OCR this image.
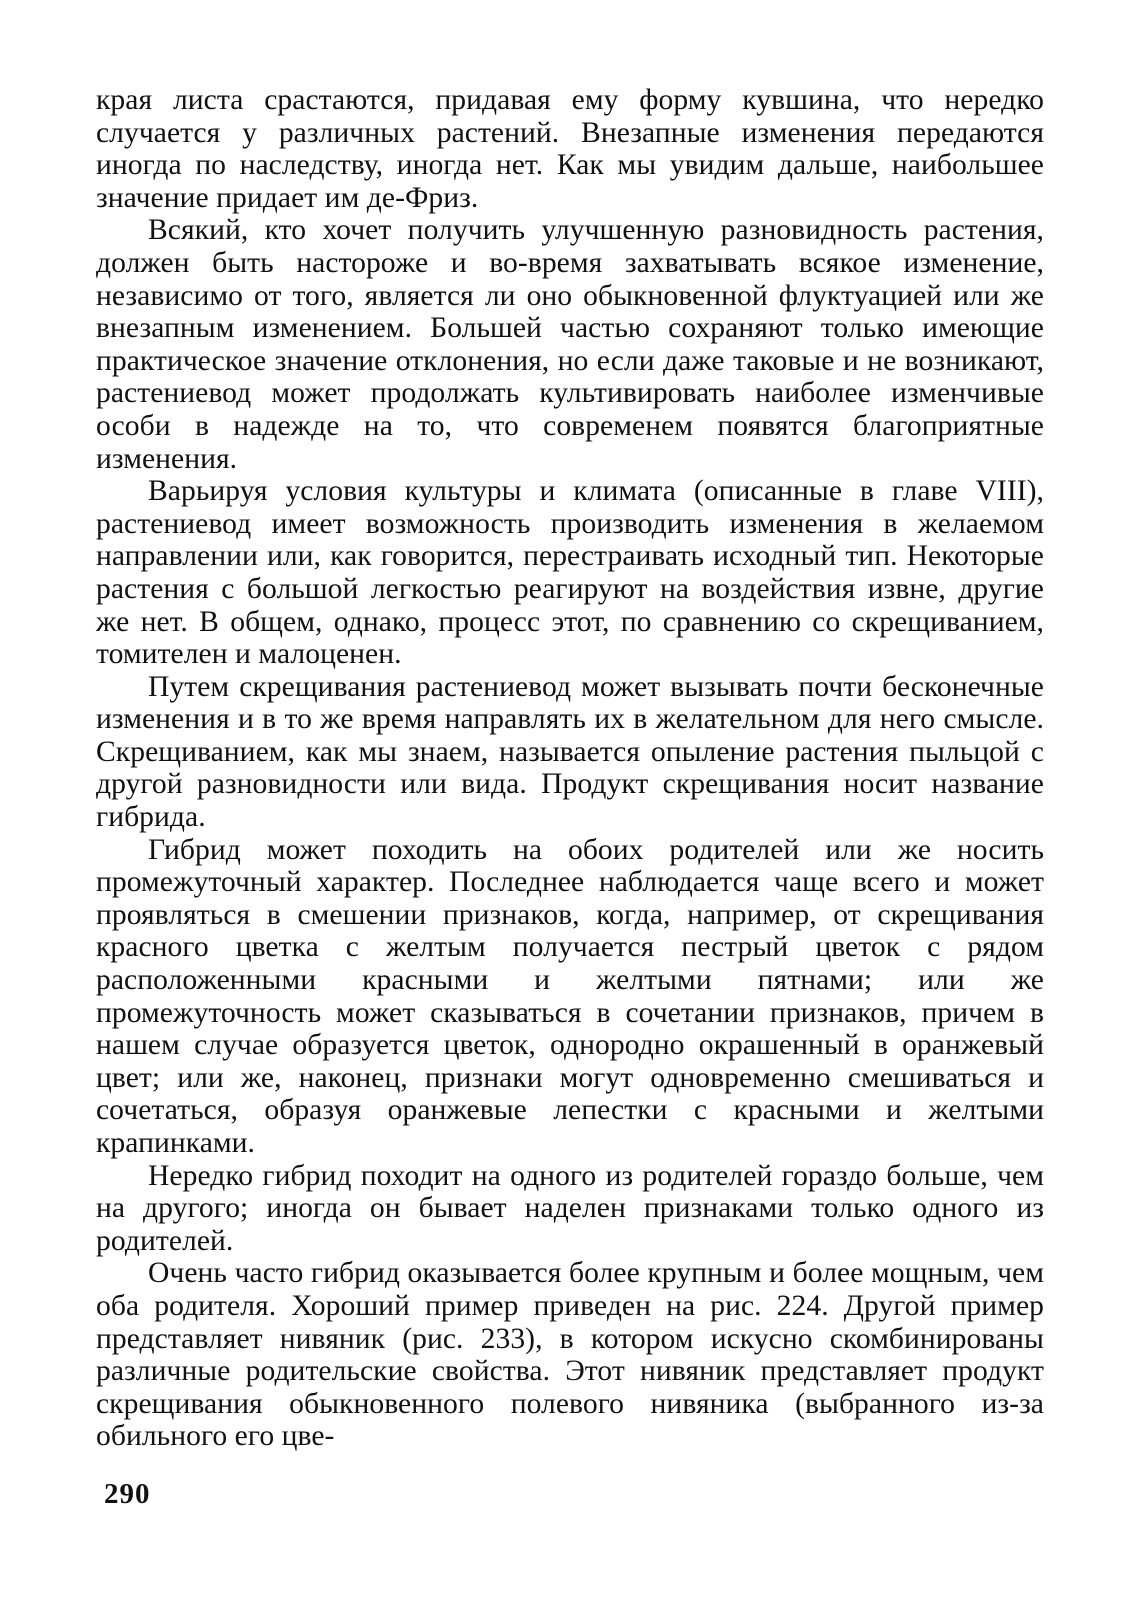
края листа срастаются, придавая ему форму кувшина, что нередко случается у различных растений. Внезапные изменения передаются иногда по наследству, иногда нет. Как мы увидим дальше, наибольшее значение придает им де-Фриз.

Всякий, кто хочет получить улучшенную разновидность растения, должен быть настороже и во-время захватывать всякое изменение, независимо от того, является ли оно обыкновенной флуктуацией или же внезапным изменением. Большей частью сохраняют только имеющие практическое значение отклонения, но если даже таковые и не возникают, растениевод может продолжать культивировать наиболее изменчивые особи в надежде на то, что современем появятся благоприятные изменения.

Варьируя условия культуры и климата (описанные в главе VIII), растениевод имеет возможность производить изменения в желаемом направлении или, как говорится, перестраивать исходный тип. Некоторые растения с большой легкостью реагируют на воздействия извне, другие же нет. В общем, однако, процесс этот, по сравнению со скрещиванием, томителен и малоценен.

Путем скрещивания растениевод может вызывать почти бесконечные изменения и в то же время направлять их в желательном для него смысле. Скрещиванием, как мы знаем, называется опыление растения пыльцой с другой разновидности или вида. Продукт скрещивания носит название гибрида.

Гибрид может походить на обоих родителей или же носить промежуточный характер. Последнее наблюдается чаще всего и может проявляться в смешении признаков, когда, например, от скрещивания красного цветка с желтым получается пестрый цветок с рядом расположенными красными и желтыми пятнами; или же промежуточность может сказываться в сочетании признаков, причем в нашем случае образуется цветок, однородно окрашенный в оранжевый цвет; или же, наконец, признаки могут одновременно смешиваться и сочетаться, образуя оранжевые лепестки с красными и желтыми крапинками.

Нередко гибрид походит на одного из родителей гораздо больше, чем на другого; иногда он бывает наделен признаками только одного из родителей.

Очень часто гибрид оказывается более крупным и более мощным, чем оба родителя. Хороший пример приведен на рис. 224. Другой пример представляет нивяник (рис. 233), в котором искусно скомбинированы различные родительские свойства. Этот нивяник представляет продукт скрещивания обыкновенного полевого нивяника (выбранного из-за обильного его цве-

290
